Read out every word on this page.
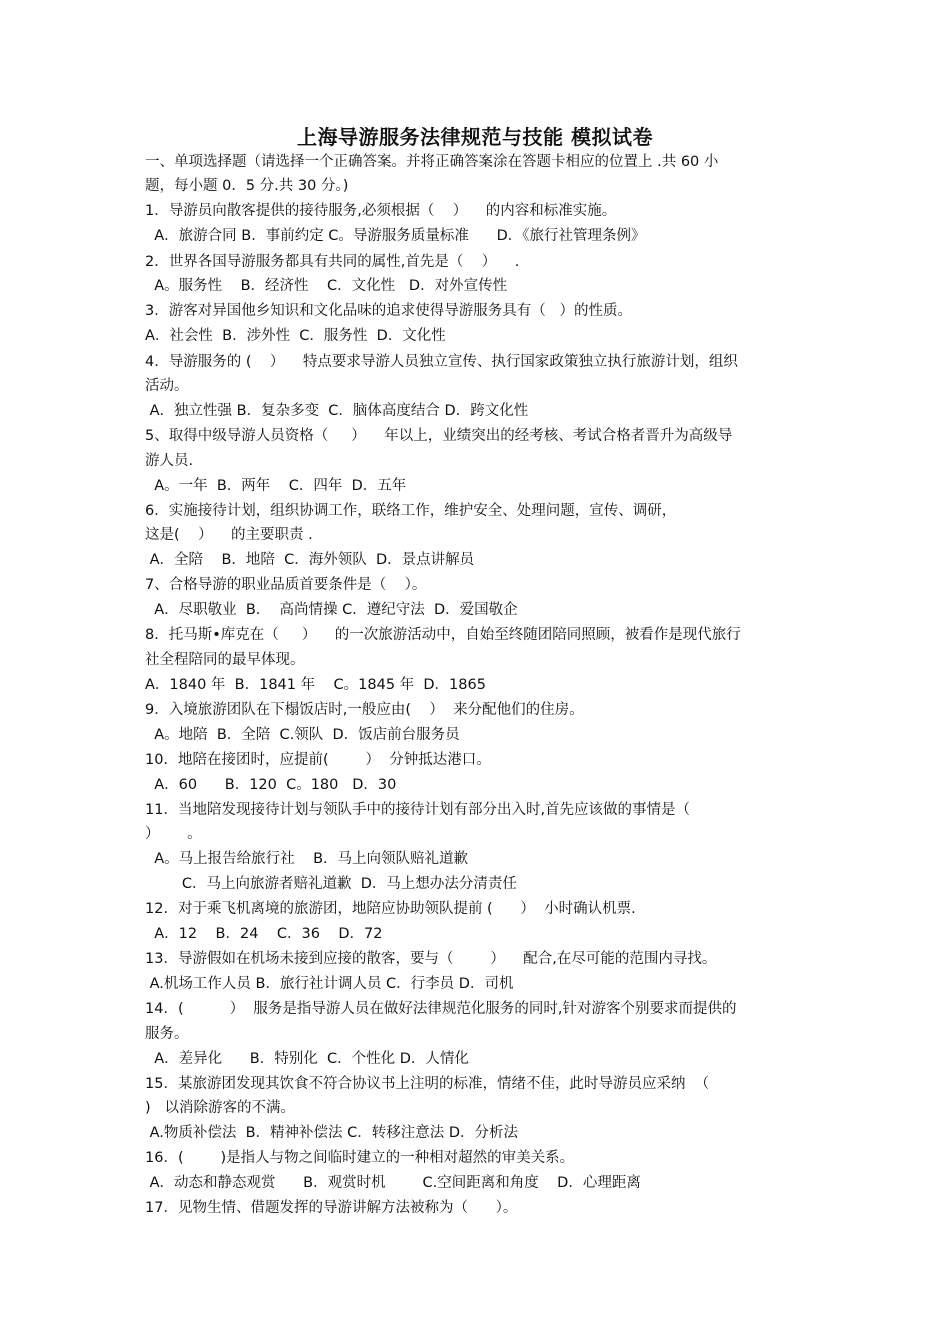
上海导游服务法律规范与技能 模拟试卷
一、单项选择题（请选择一个正确答案。并将正确答案涂在答题卡相应的位置上 .共 60 小
题，每小题 0．5 分.共 30 分。)
1．导游员向散客提供的接待服务,必须根据（    ）    的内容和标准实施。
A．旅游合同 B．事前约定 C。导游服务质量标准      D．《旅行社管理条例》
2．世界各国导游服务都具有共同的属性,首先是（    ）    .
A。服务性    B．经济性    C．文化性   D．对外宣传性
3．游客对异国他乡知识和文化品味的追求使得导游服务具有（   ）的性质。
A．社会性  B．涉外性  C．服务性  D．文化性
4．导游服务的 (    ）    特点要求导游人员独立宣传、执行国家政策独立执行旅游计划，组织
活动。
A．独立性强 B．复杂多变  C．脑体高度结合 D．跨文化性
5、取得中级导游人员资格（     ）    年以上，业绩突出的经考核、考试合格者晋升为高级导
游人员.
A。一年  B．两年    C．四年  D．五年
6．实施接待计划，组织协调工作，联络工作，维护安全、处理问题，宣传、调研，
这是(    ）    的主要职责 .
A．全陪    B．地陪  C．海外领队  D．景点讲解员
7、合格导游的职业品质首要条件是（    ）。
A．尽职敬业  B．  高尚情操 C．遵纪守法  D．爱国敬企
8．托马斯•库克在（     ）    的一次旅游活动中，自始至终随团陪同照顾，被看作是现代旅行
社全程陪同的最早体现。
A．1840 年  B．1841 年    C。1845 年  D．1865
9．入境旅游团队在下榻饭店时,一般应由(    ）  来分配他们的住房。
A。地陪  B．全陪  C.领队  D．饭店前台服务员
10．地陪在接团时，应提前(        ）  分钟抵达港口。
A．60      B．120  C。180   D．30
11．当地陪发现接待计划与领队手中的接待计划有部分出入时,首先应该做的事情是（
）      。
A。马上报告给旅行社    B．马上向领队赔礼道歉
C．马上向旅游者赔礼道歉  D．马上想办法分清责任
12．对于乘飞机离境的旅游团，地陪应协助领队提前 (      ）  小时确认机票.
A．12    B．24    C．36    D．72
13．导游假如在机场未接到应接的散客，要与（        ）    配合,在尽可能的范围内寻找。
A.机场工作人员 B．旅行社计调人员 C．行李员 D．司机
14．(          ）  服务是指导游人员在做好法律规范化服务的同时,针对游客个别要求而提供的
服务。
A．差异化      B．特别化  C．个性化 D．人情化
15．某旅游团发现其饮食不符合协议书上注明的标准，情绪不佳，此时导游员应采纳  （
)   以消除游客的不满。
A.物质补偿法  B．精神补偿法 C．转移注意法 D．分析法
16．(        )是指人与物之间临时建立的一种相对超然的审美关系。
A．动态和静态观赏      B．观赏时机        C.空间距离和角度    D．心理距离
17．见物生情、借题发挥的导游讲解方法被称为（      ）。
